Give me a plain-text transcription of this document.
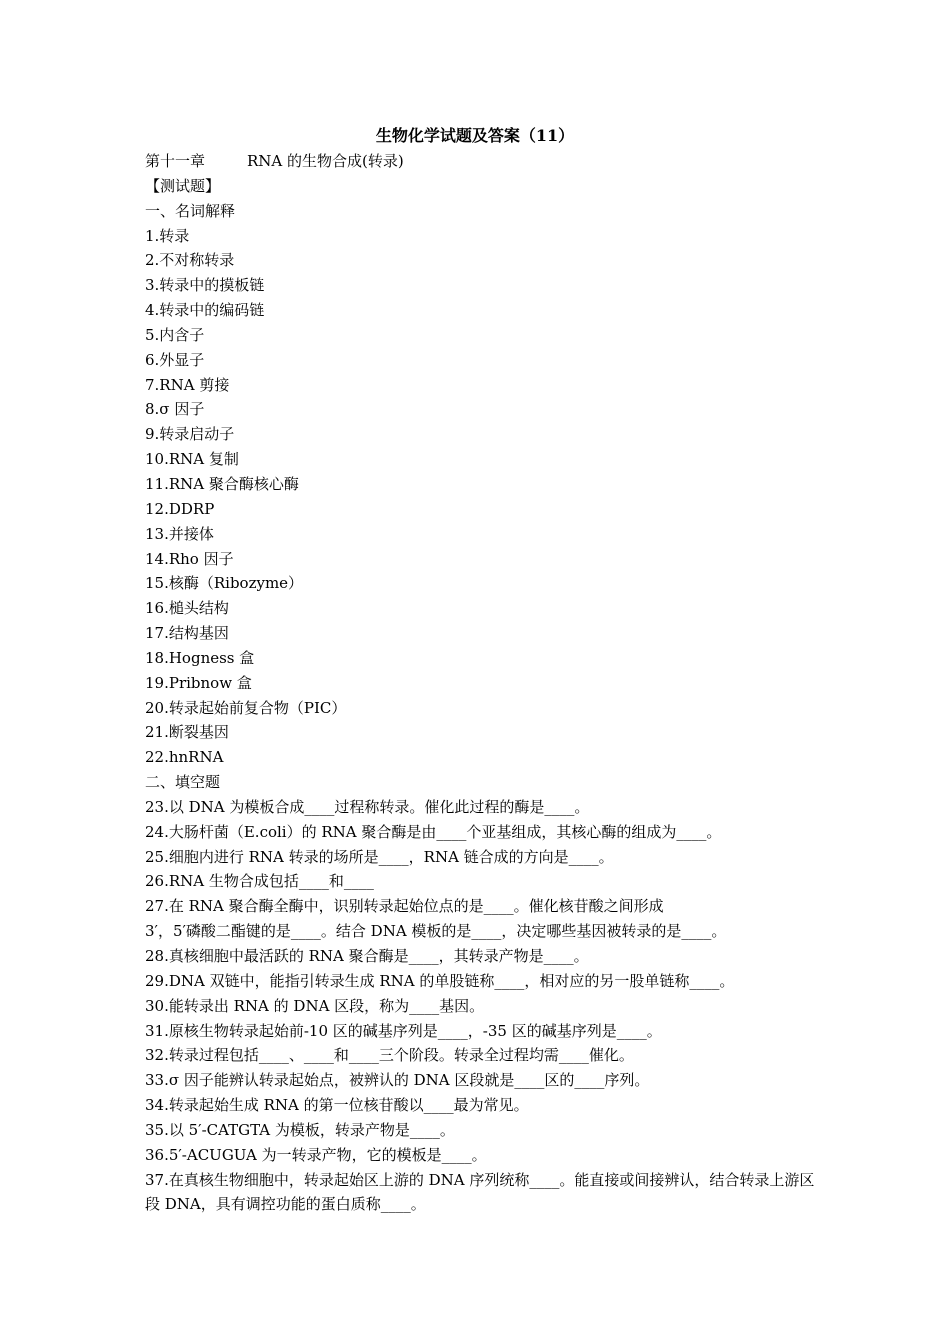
生物化学试题及答案（11）
第十一章	RNA 的生物合成(转录)
【测试题】
一、名词解释
1.转录
2.不对称转录
3.转录中的摸板链
4.转录中的编码链
5.内含子
6.外显子
7.RNA 剪接
8.σ 因子
9.转录启动子
10.RNA 复制
11.RNA 聚合酶核心酶
12.DDRP
13.并接体
14.Rho 因子
15.核酶（Ribozyme）
16.槌头结构
17.结构基因
18.Hogness 盒
19.Pribnow 盒
20.转录起始前复合物（PIC）
21.断裂基因
22.hnRNA
二、填空题
23.以 DNA 为模板合成____过程称转录。催化此过程的酶是____。
24.大肠杆菌（E.coli）的 RNA 聚合酶是由____个亚基组成，其核心酶的组成为____。
25.细胞内进行 RNA 转录的场所是____，RNA 链合成的方向是____。
26.RNA 生物合成包括____和____
27.在 RNA 聚合酶全酶中，识别转录起始位点的是____。催化核苷酸之间形成
3′，5′磷酸二酯键的是____。结合 DNA 模板的是____，决定哪些基因被转录的是____。
28.真核细胞中最活跃的 RNA 聚合酶是____，其转录产物是____。
29.DNA 双链中，能指引转录生成 RNA 的单股链称____，相对应的另一股单链称____。
30.能转录出 RNA 的 DNA 区段，称为____基因。
31.原核生物转录起始前-10 区的碱基序列是____，-35 区的碱基序列是____。
32.转录过程包括____、____和____三个阶段。转录全过程均需____催化。
33.σ 因子能辨认转录起始点，被辨认的 DNA 区段就是____区的____序列。
34.转录起始生成 RNA 的第一位核苷酸以____最为常见。
35.以 5′-CATGTA 为模板，转录产物是____。
36.5′-ACUGUA 为一转录产物，它的模板是____。
37.在真核生物细胞中，转录起始区上游的 DNA 序列统称____。能直接或间接辨认，结合转录上游区段 DNA，具有调控功能的蛋白质称____。
